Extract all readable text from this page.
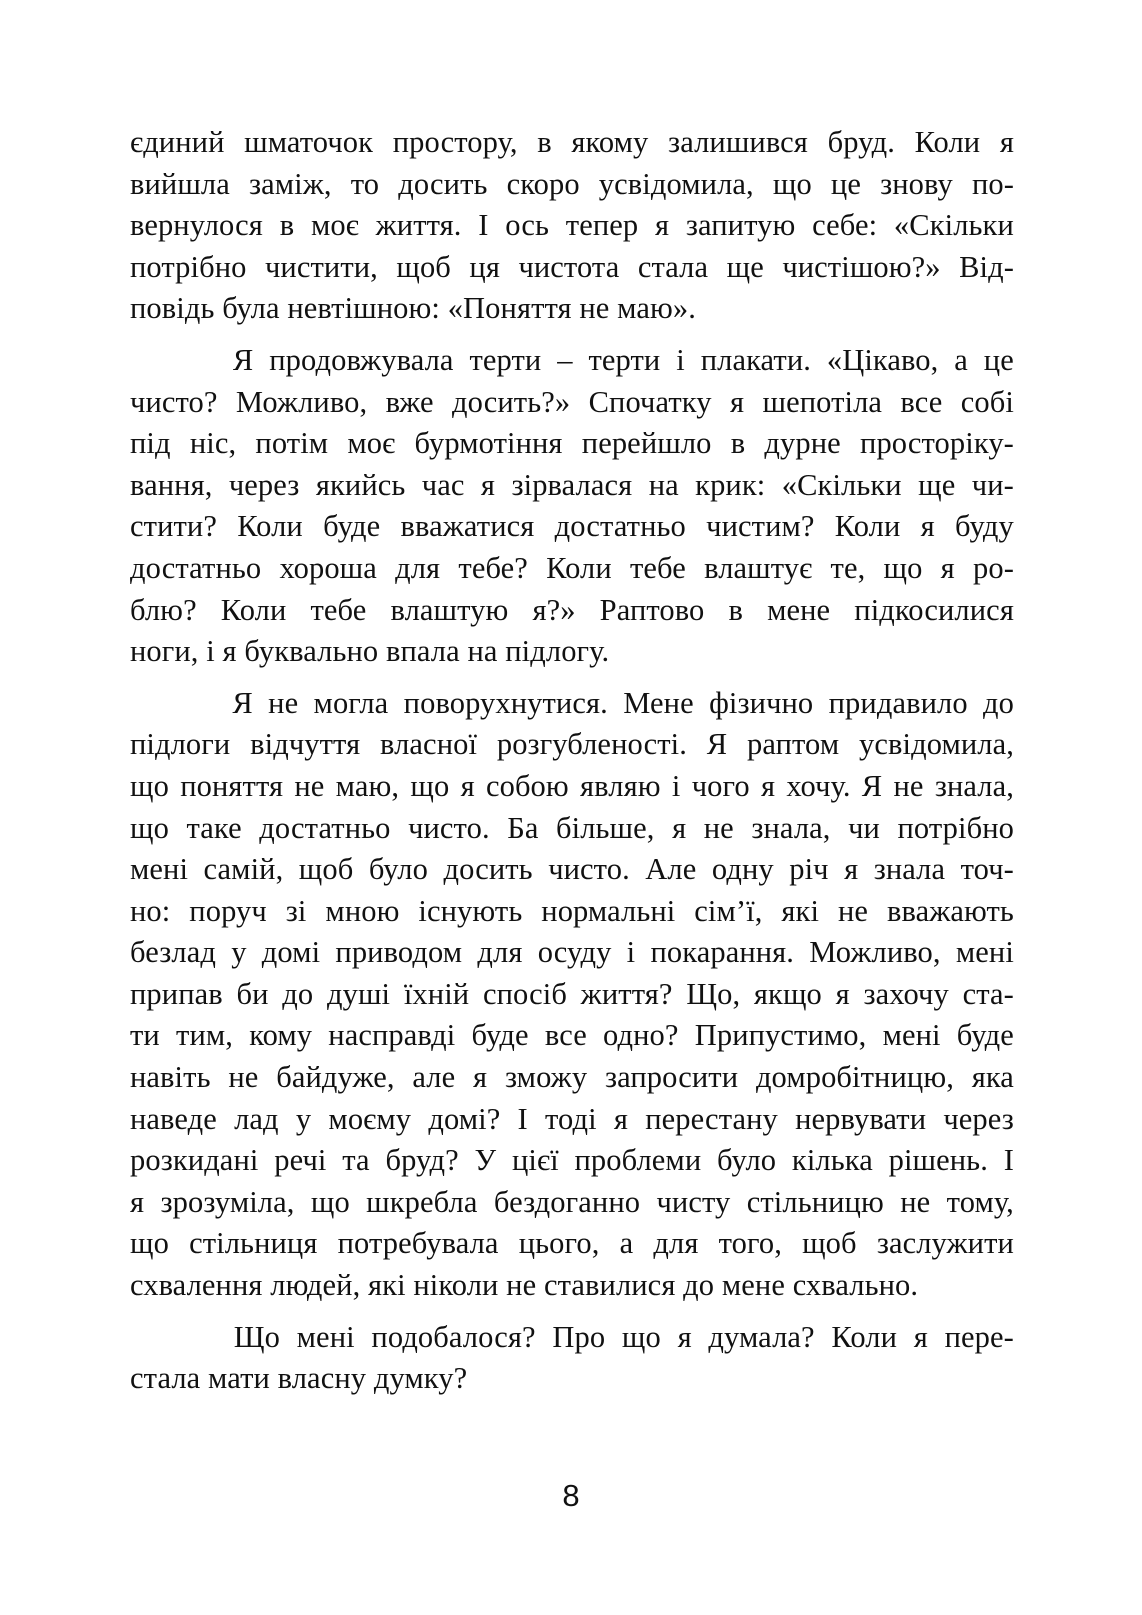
єдиний шматочок простору, в якому залишився бруд. Коли я
вийшла заміж, то досить скоро усвідомила, що це знову по-
вернулося в моє життя. І ось тепер я запитую себе: «Скільки
потрібно чистити, щоб ця чистота стала ще чистішою?» Від-
повідь була невтішною: «Поняття не маю».

Я продовжувала терти – терти і плакати. «Цікаво, а це
чисто? Можливо, вже досить?» Спочатку я шепотіла все собі
під ніс, потім моє бурмотіння перейшло в дурне просторіку-
вання, через якийсь час я зірвалася на крик: «Скільки ще чи-
стити? Коли буде вважатися достатньо чистим? Коли я буду
достатньо хороша для тебе? Коли тебе влаштує те, що я ро-
блю? Коли тебе влаштую я?» Раптово в мене підкосилися
ноги, і я буквально впала на підлогу.

Я не могла поворухнутися. Мене фізично придавило до
підлоги відчуття власної розгубленості. Я раптом усвідомила,
що поняття не маю, що я собою являю і чого я хочу. Я не знала,
що таке достатньо чисто. Ба більше, я не знала, чи потрібно
мені самій, щоб було досить чисто. Але одну річ я знала точ-
но: поруч зі мною існують нормальні сім’ї, які не вважають
безлад у домі приводом для осуду і покарання. Можливо, мені
припав би до душі їхній спосіб життя? Що, якщо я захочу ста-
ти тим, кому насправді буде все одно? Припустимо, мені буде
навіть не байдуже, але я зможу запросити домробітницю, яка
наведе лад у моєму домі? І тоді я перестану нервувати через
розкидані речі та бруд? У цієї проблеми було кілька рішень. І
я зрозуміла, що шкребла бездоганно чисту стільницю не тому,
що стільниця потребувала цього, а для того, щоб заслужити
схвалення людей, які ніколи не ставилися до мене схвально.

Що мені подобалося? Про що я думала? Коли я пере-
стала мати власну думку?

8
